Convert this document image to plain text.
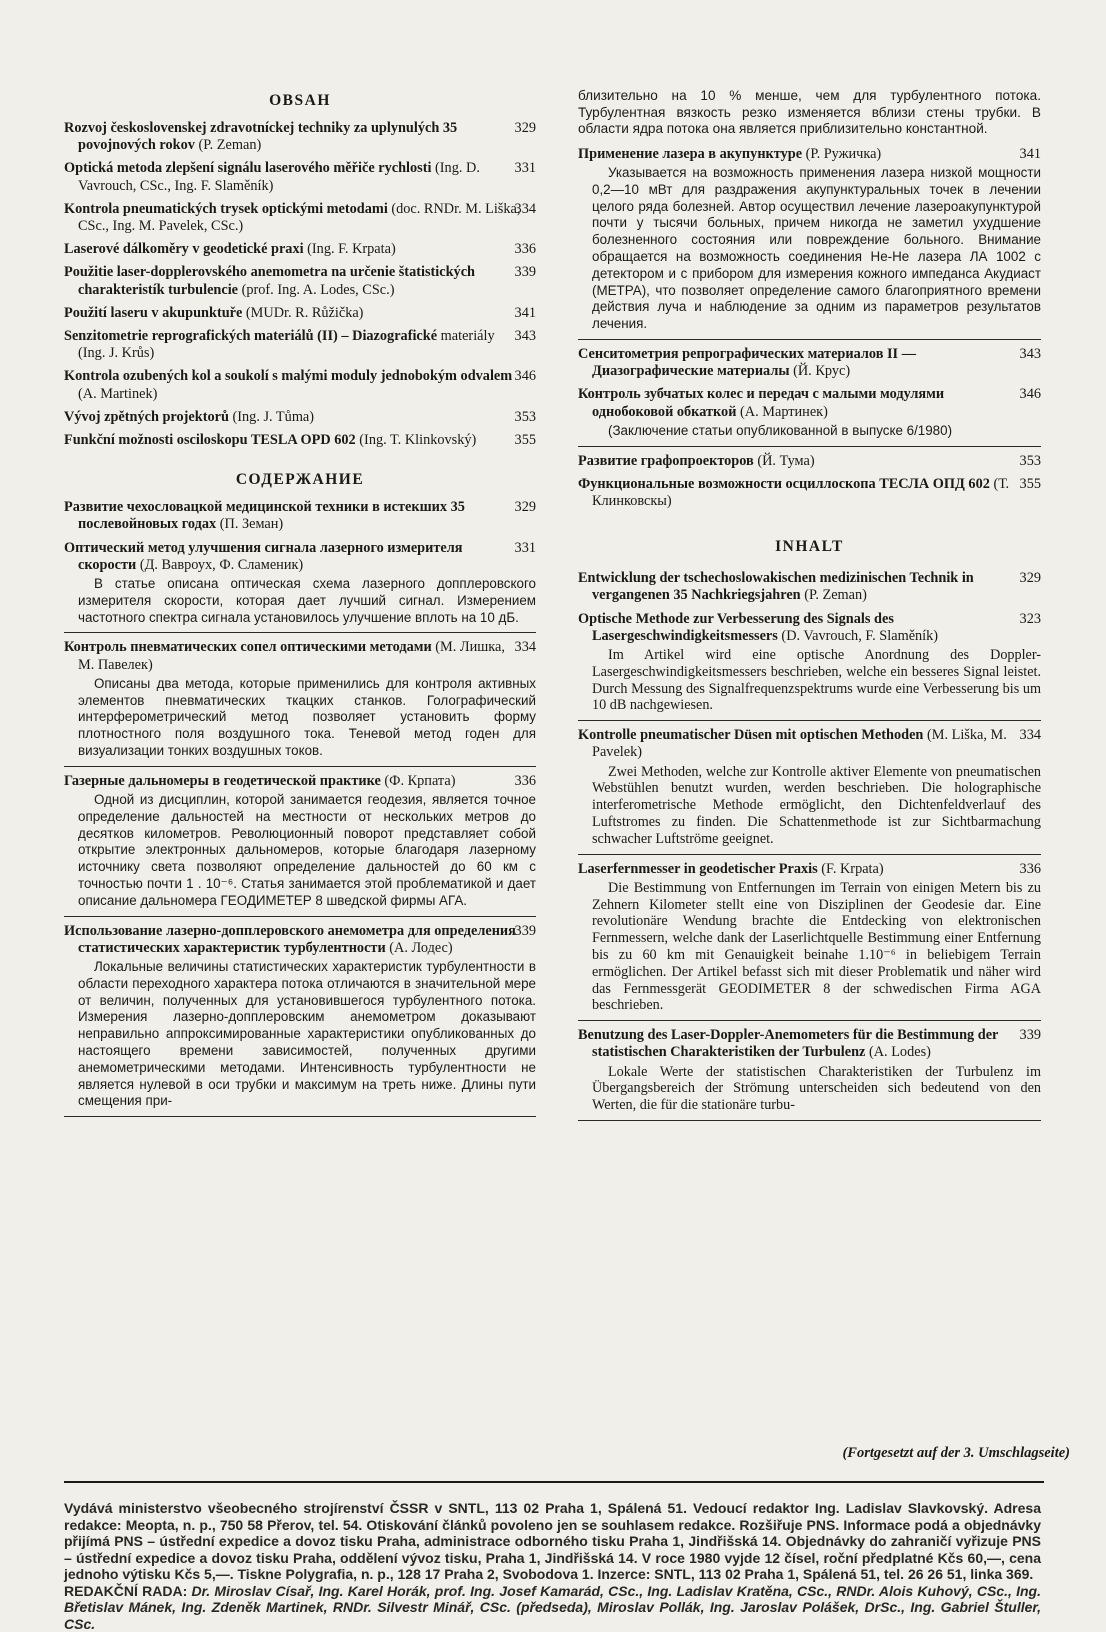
OBSAH
329
Rozvoj československej zdravotníckej techniky za uplynulých 35 povojnových rokov (P. Zeman)
331
Optická metoda zlepšení signálu laserového měřiče rychlosti (Ing. D. Vavrouch, CSc., Ing. F. Slaměník)
334
Kontrola pneumatických trysek optickými metodami (doc. RNDr. M. Liška, CSc., Ing. M. Pavelek, CSc.)
336
Laserové dálkoměry v geodetické praxi (Ing. F. Krpata)
339
Použitie laser-dopplerovského anemometra na určenie štatistických charakteristík turbulencie (prof. Ing. A. Lodes, CSc.)
341
Použití laseru v akupunktuře (MUDr. R. Růžička)
343
Senzitometrie reprografických materiálů (II) – Diazografické materiály (Ing. J. Krůs)
346
Kontrola ozubených kol a soukolí s malými moduly jednobokým odvalem (A. Martinek)
353
Vývoj zpětných projektorů (Ing. J. Tůma)
355
Funkční možnosti osciloskopu TESLA OPD 602 (Ing. T. Klinkovský)
СОДЕРЖАНИЕ
329
Развитие чехословацкой медицинской техники в истекших 35 послевойновых годах (П. Земан)
331
Оптический метод улучшения сигнала лазерного измерителя скорости (Д. Вавроух, Ф. Сламеник)
В статье описана оптическая схема лазерного допплеровского измерителя скорости, которая дает лучший сигнал. Измерением частотного спектра сигнала установилось улучшение вплоть на 10 дБ.
334
Контроль пневматических сопел оптическими методами (М. Лишка, М. Павелек)
Описаны два метода, которые применились для контроля активных элементов пневматических ткацких станков. Голографический интерферометрический метод позволяет установить форму плотностного поля воздушного тока. Теневой метод годен для визуализации тонких воздушных токов.
336
Газерные дальномеры в геодетической практике (Ф. Крпата)
Одной из дисциплин, которой занимается геодезия, является точное определение дальностей на местности от нескольких метров до десятков километров. Революционный поворот представляет собой открытие электронных дальномеров, которые благодаря лазерному источнику света позволяют определение дальностей до 60 км с точностью почти 1 . 10⁻⁶. Статья занимается этой проблематикой и дает описание дальномера ГЕОДИМЕТЕР 8 шведской фирмы АГА.
339
Использование лазерно-допплеровского анемометра для определения статистических характеристик турбулентности (А. Лодес)
Локальные величины статистических характеристик турбулентности в области переходного характера потока отличаются в значительной мере от величин, полученных для установившегося турбулентного потока. Измерения лазерно-допплеровским анемометром доказывают неправильно аппроксимированные характеристики опубликованных до настоящего времени зависимостей, полученных другими анемометрическими методами. Интенсивность турбулентности не является нулевой в оси трубки и максимум на треть ниже. Длины пути смещения при-
близительно на 10 % менше, чем для турбулентного потока. Турбулентная вязкость резко изменяется вблизи стены трубки. В области ядра потока она является приблизительно константной.
341
Применение лазера в акупунктуре (Р. Ружичка)
Указывается на возможность применения лазера низкой мощности 0,2—10 мВт для раздражения акупунктуральных точек в лечении целого ряда болезней. Автор осуществил лечение лазероакупунктурой почти у тысячи больных, причем никогда не заметил ухудшение болезненного состояния или повреждение больного. Внимание обращается на возможность соединения Не-Не лазера ЛА 1002 с детектором и с прибором для измерения кожного импеданса Акудиаст (МЕТРА), что позволяет определение самого благоприятного времени действия луча и наблюдение за одним из параметров результатов лечения.
343
Сенситометрия репрографических материалов II — Диазографические материалы (Й. Крус)
346
Контроль зубчатых колес и передач с малыми модулями однобоковой обкаткой (А. Мартинек)
(Заключение статьи опубликованной в выпуске 6/1980)
353
Развитие графопроекторов (Й. Тума)
355
Функциональные возможности осциллоскопа ТЕСЛА ОПД 602 (Т. Клинковскы)
INHALT
329
Entwicklung der tschechoslowakischen medizinischen Technik in vergangenen 35 Nachkriegsjahren (P. Zeman)
323
Optische Methode zur Verbesserung des Signals des Lasergeschwindigkeitsmessers (D. Vavrouch, F. Slaměník)
Im Artikel wird eine optische Anordnung des Doppler-Lasergeschwindigkeitsmessers beschrieben, welche ein besseres Signal leistet. Durch Messung des Signalfrequenzspektrums wurde eine Verbesserung bis um 10 dB nachgewiesen.
334
Kontrolle pneumatischer Düsen mit optischen Methoden (M. Liška, M. Pavelek)
Zwei Methoden, welche zur Kontrolle aktiver Elemente von pneumatischen Webstühlen benutzt wurden, werden beschrieben. Die holographische interferometrische Methode ermöglicht, den Dichtenfeldverlauf des Luftstromes zu finden. Die Schattenmethode ist zur Sichtbarmachung schwacher Luftströme geeignet.
336
Laserfernmesser in geodetischer Praxis (F. Krpata)
Die Bestimmung von Entfernungen im Terrain von einigen Metern bis zu Zehnern Kilometer stellt eine von Disziplinen der Geodesie dar. Eine revolutionäre Wendung brachte die Entdecking von elektronischen Fernmessern, welche dank der Laserlichtquelle Bestimmung einer Entfernung bis zu 60 km mit Genauigkeit beinahe 1.10⁻⁶ in beliebigem Terrain ermöglichen. Der Artikel befasst sich mit dieser Problematik und näher wird das Fernmessgerät GEODIMETER 8 der schwedischen Firma AGA beschrieben.
339
Benutzung des Laser-Doppler-Anemometers für die Bestimmung der statistischen Charakteristiken der Turbulenz (A. Lodes)
Lokale Werte der statistischen Charakteristiken der Turbulenz im Übergangsbereich der Strömung unterscheiden sich bedeutend von den Werten, die für die stationäre turbu-
(Fortgesetzt auf der 3. Umschlagseite)
Vydává ministerstvo všeobecného strojírenství ČSSR v SNTL, 113 02 Praha 1, Spálená 51. Vedoucí redaktor Ing. Ladislav Slavkovský. Adresa redakce: Meopta, n. p., 750 58 Přerov, tel. 54. Otiskování článků povoleno jen se souhlasem redakce. Rozšiřuje PNS. Informace podá a objednávky přijímá PNS – ústřední expedice a dovoz tisku Praha, administrace odborného tisku Praha 1, Jindřišská 14. Objednávky do zahraničí vyřizuje PNS – ústřední expedice a dovoz tisku Praha, oddělení vývoz tisku, Praha 1, Jindřišská 14. V roce 1980 vyjde 12 čísel, roční předplatné Kčs 60,—, cena jednoho výtisku Kčs 5,—. Tiskne Polygrafia, n. p., 128 17 Praha 2, Svobodova 1. Inzerce: SNTL, 113 02 Praha 1, Spálená 51, tel. 26 26 51, linka 369.
REDAKČNÍ RADA: Dr. Miroslav Císař, Ing. Karel Horák, prof. Ing. Josef Kamarád, CSc., Ing. Ladislav Kratěna, CSc., RNDr. Alois Kuhový, CSc., Ing. Břetislav Mánek, Ing. Zdeněk Martinek, RNDr. Silvestr Minář, CSc. (předseda), Miroslav Pollák, Ing. Jaroslav Polášek, DrSc., Ing. Gabriel Štuller, CSc.
